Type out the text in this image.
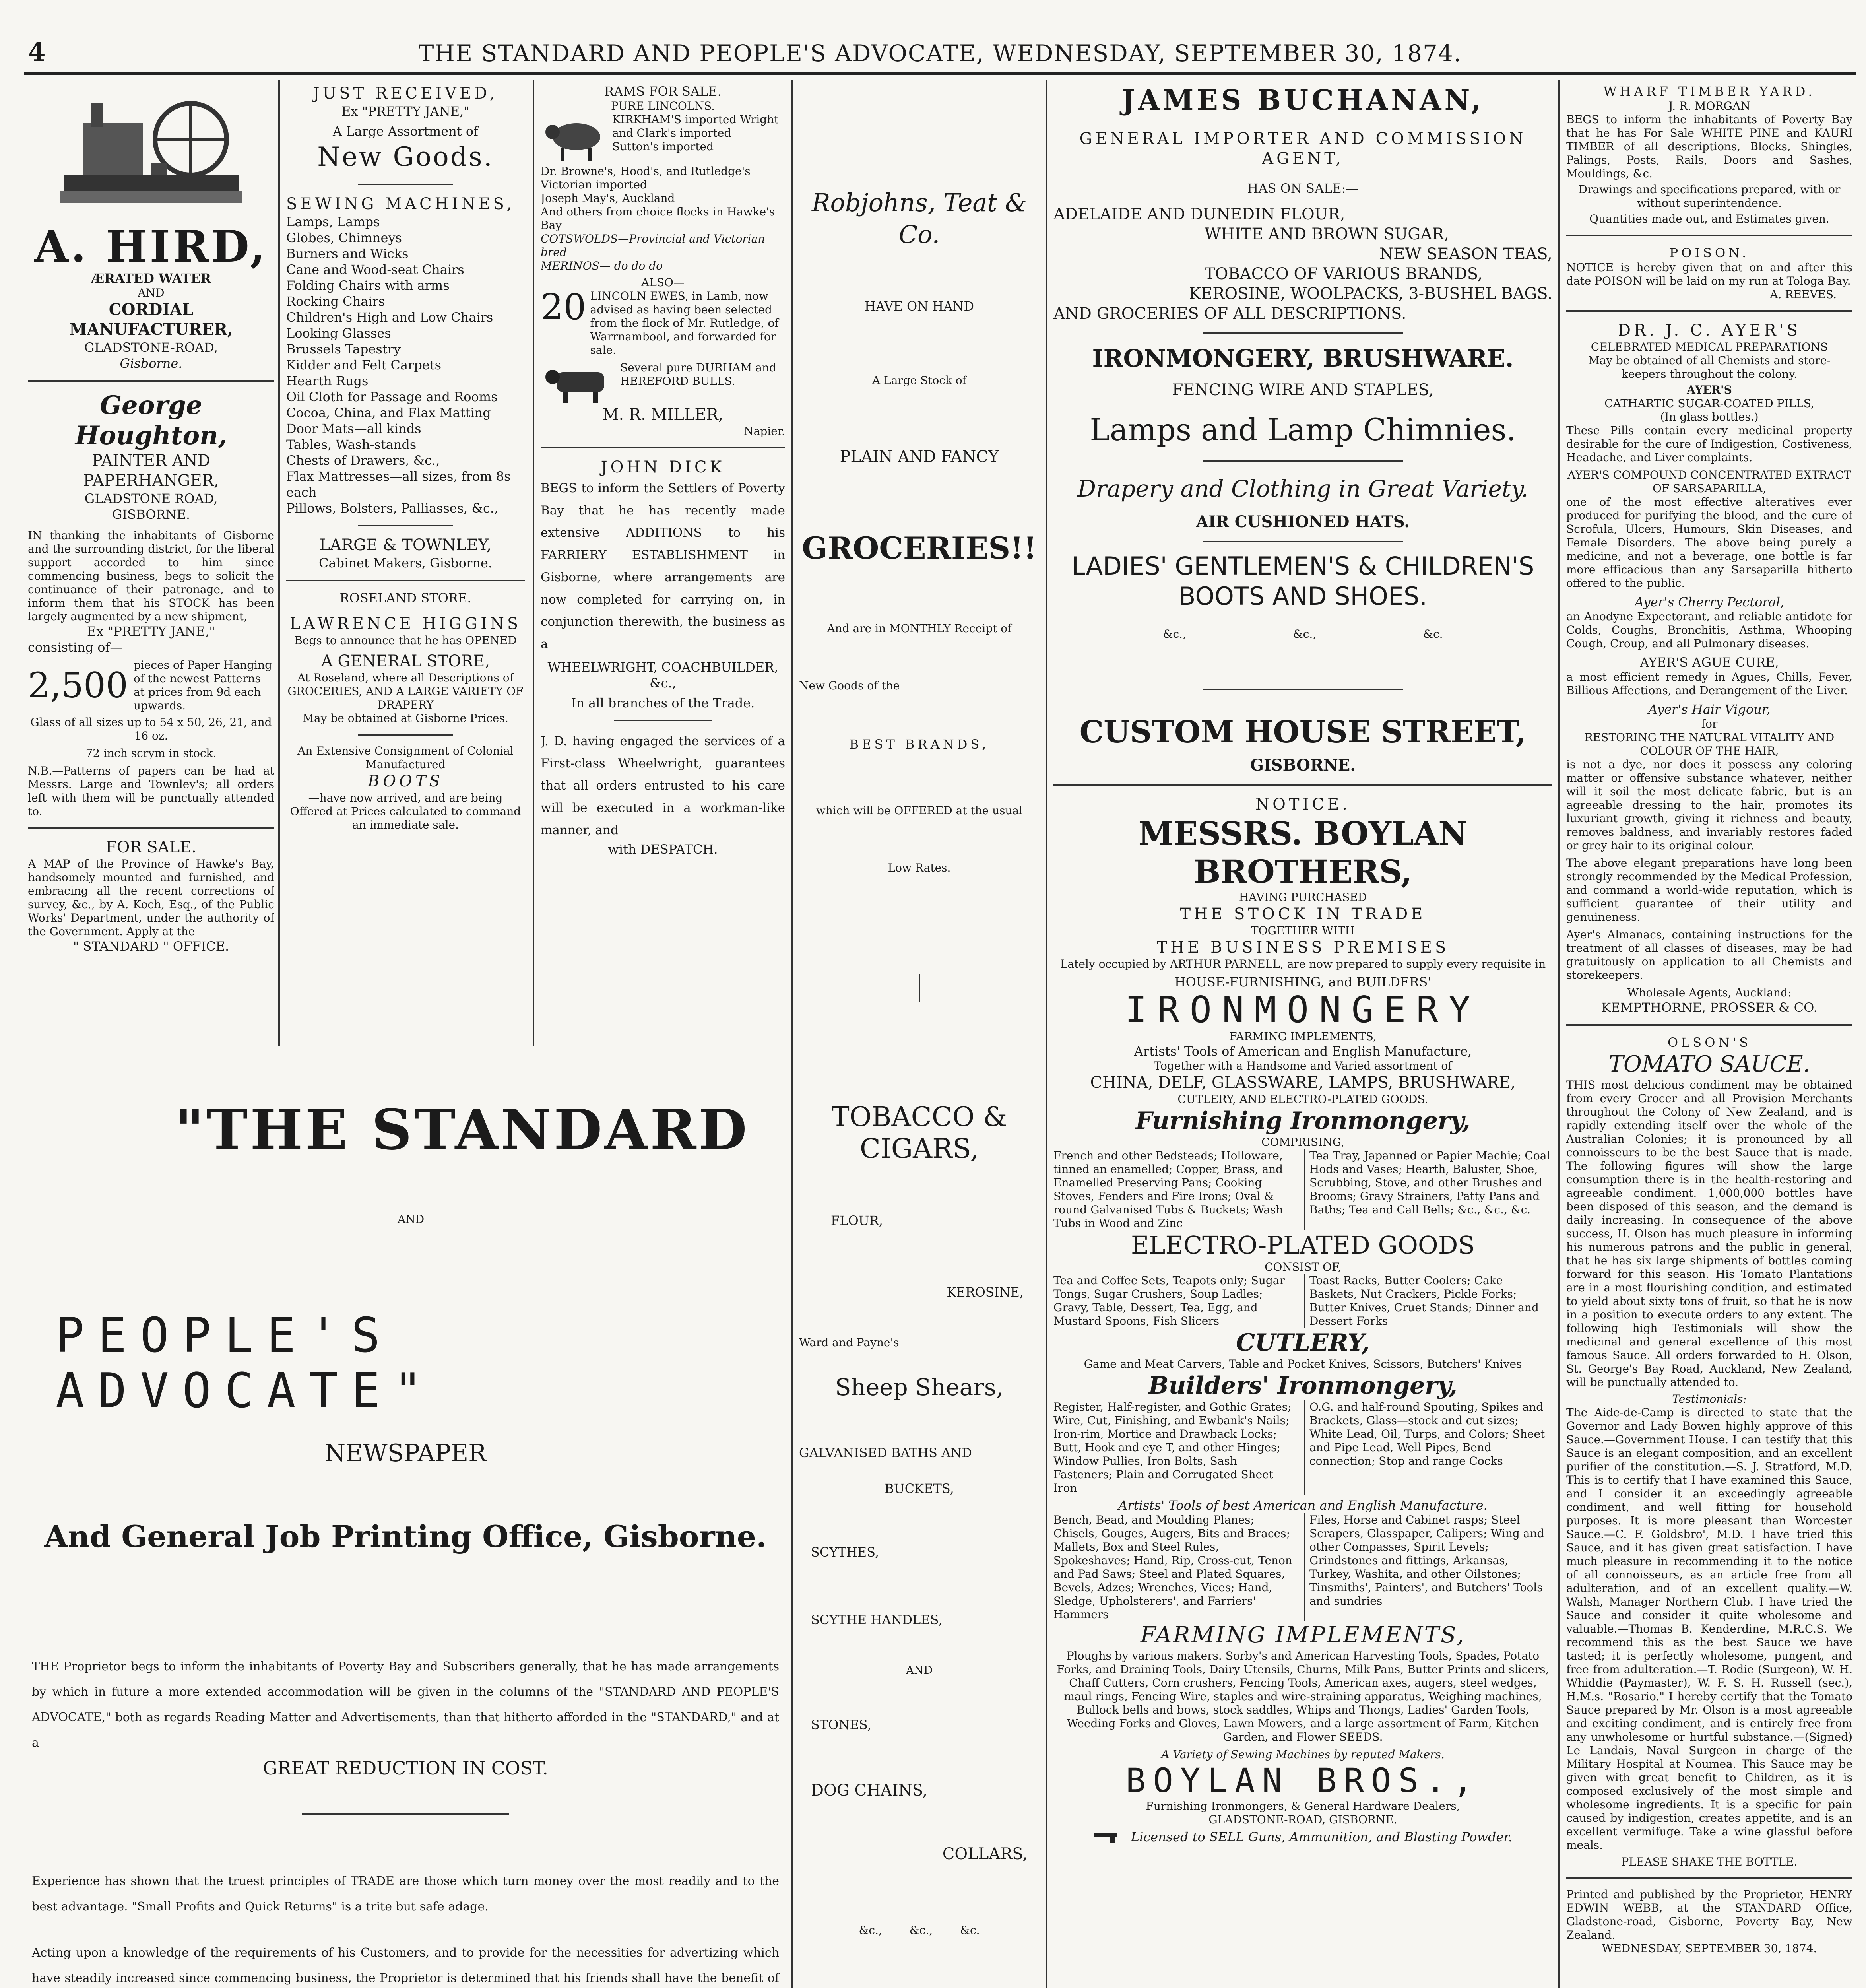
4	THE STANDARD AND PEOPLE'S ADVOCATE, WEDNESDAY, SEPTEMBER 30, 1874.
A. HIRD,
ÆRATED WATER
AND
CORDIAL MANUFACTURER,
GLADSTONE-ROAD,
Gisborne.
George Houghton,
PAINTER AND PAPERHANGER,
GLADSTONE ROAD,
GISBORNE.
IN thanking the inhabitants of Gisborne and the surrounding district, for the liberal support accorded to him since commencing business, begs to solicit the continuance of their patronage, and to inform them that his STOCK has been largely augmented by a new shipment,
Ex "PRETTY JANE,"
consisting of—
2,500 pieces of Paper Hanging of the newest Patterns at prices from 9d each upwards.
Glass of all sizes up to 54 x 50, 26, 21, and 16 oz.
72 inch scrym in stock.
N.B.—Patterns of papers can be had at Messrs. Large and Townley's; all orders left with them will be punctually attended to.
FOR SALE.
A MAP of the Province of Hawke's Bay, handsomely mounted and furnished, and embracing all the recent corrections of survey, &c., by A. Koch, Esq., of the Public Works' Department, under the authority of the Government. Apply at the
" STANDARD " OFFICE.
JUST RECEIVED,
Ex "PRETTY JANE,"
A Large Assortment of
New Goods.
SEWING MACHINES,
Lamps, Lamps
Globes, Chimneys
Burners and Wicks
Cane and Wood-seat Chairs
Folding Chairs with arms
Rocking Chairs
Children's High and Low Chairs
Looking Glasses
Brussels Tapestry
Kidder and Felt Carpets
Hearth Rugs
Oil Cloth for Passage and Rooms
Cocoa, China, and Flax Matting
Door Mats—all kinds
Tables, Wash-stands
Chests of Drawers, &c.,
Flax Mattresses—all sizes, from 8s each
Pillows, Bolsters, Palliasses, &c.,
LARGE & TOWNLEY,
Cabinet Makers, Gisborne.
ROSELAND STORE.
LAWRENCE HIGGINS
Begs to announce that he has OPENED
A GENERAL STORE,
At Roseland, where all Descriptions of GROCERIES, AND A LARGE VARIETY OF DRAPERY
May be obtained at Gisborne Prices.
An Extensive Consignment of Colonial Manufactured
BOOTS
—have now arrived, and are being Offered at Prices calculated to command an immediate sale.
RAMS FOR SALE.
PURE LINCOLNS.
KIRKHAM'S imported Wright and Clark's imported
Sutton's imported
Dr. Browne's, Hood's, and Rutledge's Victorian imported
Joseph May's, Auckland
And others from choice flocks in Hawke's Bay
COTSWOLDS—Provincial and Victorian bred
MERINOS— do do do
ALSO—
20 LINCOLN EWES, in Lamb, now advised as having been selected from the flock of Mr. Rutledge, of Warrnambool, and forwarded for sale.
Several pure DURHAM and HEREFORD BULLS.
M. R. MILLER,
Napier.
JOHN DICK
BEGS to inform the Settlers of Poverty Bay that he has recently made extensive ADDITIONS to his FARRIERY ESTABLISHMENT in Gisborne, where arrangements are now completed for carrying on, in conjunction therewith, the business as a
WHEELWRIGHT, COACHBUILDER, &c.,
In all branches of the Trade.
J. D. having engaged the services of a First-class Wheelwright, guarantees that all orders entrusted to his care will be executed in a workman-like manner, and
with DESPATCH.
"THE STANDARD
AND
PEOPLE'S ADVOCATE"
NEWSPAPER
And General Job Printing Office, Gisborne.
THE Proprietor begs to inform the inhabitants of Poverty Bay and Subscribers generally, that he has made arrangements by which in future a more extended accommodation will be given in the columns of the "STANDARD AND PEOPLE'S ADVOCATE," both as regards Reading Matter and Advertisements, than that hitherto afforded in the "STANDARD," and at a
GREAT REDUCTION IN COST.
Experience has shown that the truest principles of TRADE are those which turn money over the most readily and to the best advantage. "Small Profits and Quick Returns" is a trite but safe adage.
Acting upon a knowledge of the requirements of his Customers, and to provide for the necessities for advertizing which have steadily increased since commencing business, the Proprietor is determined that his friends shall have the benefit of
Robjohns, Teat & Co.
HAVE ON HAND
A Large Stock of
PLAIN AND FANCY
GROCERIES!!
And are in MONTHLY Receipt of
New Goods of the
BEST BRANDS,
which will be OFFERED at the usual
Low Rates.
TOBACCO & CIGARS,
FLOUR,
KEROSINE,
Ward and Payne's
Sheep Shears,
GALVANISED BATHS AND
BUCKETS,
SCYTHES,
SCYTHE HANDLES,
AND
STONES,
DOG CHAINS,
COLLARS,
&c., &c., &c.
JAMES BUCHANAN,
GENERAL IMPORTER AND COMMISSION AGENT,
HAS ON SALE:—
ADELAIDE AND DUNEDIN FLOUR,
WHITE AND BROWN SUGAR,
NEW SEASON TEAS,
TOBACCO OF VARIOUS BRANDS,
KEROSINE, WOOLPACKS, 3-BUSHEL BAGS.
AND GROCERIES OF ALL DESCRIPTIONS.
IRONMONGERY, BRUSHWARE.
FENCING WIRE AND STAPLES,
Lamps and Lamp Chimnies.
Drapery and Clothing in Great Variety.
AIR CUSHIONED HATS.
LADIES' GENTLEMEN'S & CHILDREN'S BOOTS AND SHOES.
&c., &c., &c.
CUSTOM HOUSE STREET,
GISBORNE.
NOTICE.
MESSRS. BOYLAN BROTHERS,
HAVING PURCHASED
THE STOCK IN TRADE
TOGETHER WITH
THE BUSINESS PREMISES
Lately occupied by ARTHUR PARNELL, are now prepared to supply every requisite in
HOUSE-FURNISHING, and BUILDERS'
IRONMONGERY
FARMING IMPLEMENTS,
Artists' Tools of American and English Manufacture,
Together with a Handsome and Varied assortment of
CHINA, DELF, GLASSWARE, LAMPS, BRUSHWARE,
CUTLERY, AND ELECTRO-PLATED GOODS.
Furnishing Ironmongery,
COMPRISING,
French and other Bedsteads; Holloware, tinned an enamelled; Copper, Brass, and Enamelled Preserving Pans; Cooking Stoves, Fenders and Fire Irons; Oval & round Galvanised Tubs & Buckets; Wash Tubs in Wood and Zinc
Tea Tray, Japanned or Papier Machie; Coal Hods and Vases; Hearth, Baluster, Shoe, Scrubbing, Stove, and other Brushes and Brooms; Gravy Strainers, Patty Pans and Baths; Tea and Call Bells; &c., &c., &c.
ELECTRO-PLATED GOODS
CONSIST OF,
Tea and Coffee Sets, Teapots only; Sugar Tongs, Sugar Crushers, Soup Ladles; Gravy, Table, Dessert, Tea, Egg, and Mustard Spoons, Fish Slicers
Toast Racks, Butter Coolers; Cake Baskets, Nut Crackers, Pickle Forks; Butter Knives, Cruet Stands; Dinner and Dessert Forks
CUTLERY,
Game and Meat Carvers, Table and Pocket Knives, Scissors, Butchers' Knives
Builders' Ironmongery,
Register, Half-register, and Gothic Grates; Wire, Cut, Finishing, and Ewbank's Nails; Iron-rim, Mortice and Drawback Locks; Butt, Hook and eye T, and other Hinges; Window Pullies, Iron Bolts, Sash Fasteners; Plain and Corrugated Sheet Iron
O.G. and half-round Spouting, Spikes and Brackets, Glass—stock and cut sizes; White Lead, Oil, Turps, and Colors; Sheet and Pipe Lead, Well Pipes, Bend connection; Stop and range Cocks
Artists' Tools of best American and English Manufacture.
Bench, Bead, and Moulding Planes; Chisels, Gouges, Augers, Bits and Braces; Mallets, Box and Steel Rules, Spokeshaves; Hand, Rip, Cross-cut, Tenon and Pad Saws; Steel and Plated Squares, Bevels, Adzes; Wrenches, Vices; Hand, Sledge, Upholsterers', and Farriers' Hammers
Files, Horse and Cabinet rasps; Steel Scrapers, Glasspaper, Calipers; Wing and other Compasses, Spirit Levels; Grindstones and fittings, Arkansas, Turkey, Washita, and other Oilstones; Tinsmiths', Painters', and Butchers' Tools and sundries
FARMING IMPLEMENTS,
Ploughs by various makers. Sorby's and American Harvesting Tools, Spades, Potato Forks, and Draining Tools, Dairy Utensils, Churns, Milk Pans, Butter Prints and slicers, Chaff Cutters, Corn crushers, Fencing Tools, American axes, augers, steel wedges, maul rings, Fencing Wire, staples and wire-straining apparatus, Weighing machines, Bullock bells and bows, stock saddles, Whips and Thongs, Ladies' Garden Tools, Weeding Forks and Gloves, Lawn Mowers, and a large assortment of Farm, Kitchen Garden, and Flower SEEDS.
A Variety of Sewing Machines by reputed Makers.
BOYLAN BROS.,
Furnishing Ironmongers, & General Hardware Dealers,
GLADSTONE-ROAD, GISBORNE.
Licensed to SELL Guns, Ammunition, and Blasting Powder.
WHARF TIMBER YARD.
J. R. MORGAN
BEGS to inform the inhabitants of Poverty Bay that he has For Sale WHITE PINE and KAURI TIMBER of all descriptions, Blocks, Shingles, Palings, Posts, Rails, Doors and Sashes, Mouldings, &c.
Drawings and specifications prepared, with or without superintendence.
Quantities made out, and Estimates given.
POISON.
NOTICE is hereby given that on and after this date POISON will be laid on my run at Tologa Bay.
A. REEVES.
DR. J. C. AYER'S
CELEBRATED MEDICAL PREPARATIONS
May be obtained of all Chemists and store-keepers throughout the colony.
AYER'S
CATHARTIC SUGAR-COATED PILLS,
(In glass bottles.)
These Pills contain every medicinal property desirable for the cure of Indigestion, Costiveness, Headache, and Liver complaints.
AYER'S COMPOUND CONCENTRATED EXTRACT OF SARSAPARILLA,
one of the most effective alteratives ever produced for purifying the blood, and the cure of Scrofula, Ulcers, Humours, Skin Diseases, and Female Disorders. The above being purely a medicine, and not a beverage, one bottle is far more efficacious than any Sarsaparilla hitherto offered to the public.
Ayer's Cherry Pectoral,
an Anodyne Expectorant, and reliable antidote for Colds, Coughs, Bronchitis, Asthma, Whooping Cough, Croup, and all Pulmonary diseases.
AYER'S AGUE CURE,
a most efficient remedy in Agues, Chills, Fever, Billious Affections, and Derangement of the Liver.
Ayer's Hair Vigour,
for
RESTORING THE NATURAL VITALITY AND COLOUR OF THE HAIR,
is not a dye, nor does it possess any coloring matter or offensive substance whatever, neither will it soil the most delicate fabric, but is an agreeable dressing to the hair, promotes its luxuriant growth, giving it richness and beauty, removes baldness, and invariably restores faded or grey hair to its original colour.
The above elegant preparations have long been strongly recommended by the Medical Profession, and command a world-wide reputation, which is sufficient guarantee of their utility and genuineness.
Ayer's Almanacs, containing instructions for the treatment of all classes of diseases, may be had gratuitously on application to all Chemists and storekeepers.
Wholesale Agents, Auckland:
KEMPTHORNE, PROSSER & CO.
OLSON'S
TOMATO SAUCE.
THIS most delicious condiment may be obtained from every Grocer and all Provision Merchants throughout the Colony of New Zealand, and is rapidly extending itself over the whole of the Australian Colonies; it is pronounced by all connoisseurs to be the best Sauce that is made. The following figures will show the large consumption there is in the health-restoring and agreeable condiment. 1,000,000 bottles have been disposed of this season, and the demand is daily increasing. In consequence of the above success, H. Olson has much pleasure in informing his numerous patrons and the public in general, that he has six large shipments of bottles coming forward for this season. His Tomato Plantations are in a most flourishing condition, and estimated to yield about sixty tons of fruit, so that he is now in a position to execute orders to any extent. The following high Testimonials will show the medicinal and general excellence of this most famous Sauce. All orders forwarded to H. Olson, St. George's Bay Road, Auckland, New Zealand, will be punctually attended to.
Testimonials:
The Aide-de-Camp is directed to state that the Governor and Lady Bowen highly approve of this Sauce.—Government House. I can testify that this Sauce is an elegant composition, and an excellent purifier of the constitution.—S. J. Stratford, M.D. This is to certify that I have examined this Sauce, and I consider it an exceedingly agreeable condiment, and well fitting for household purposes. It is more pleasant than Worcester Sauce.—C. F. Goldsbro', M.D. I have tried this Sauce, and it has given great satisfaction. I have much pleasure in recommending it to the notice of all connoisseurs, as an article free from all adulteration, and of an excellent quality.—W. Walsh, Manager Northern Club. I have tried the Sauce and consider it quite wholesome and valuable.—Thomas B. Kenderdine, M.R.C.S. We recommend this as the best Sauce we have tasted; it is perfectly wholesome, pungent, and free from adulteration.—T. Rodie (Surgeon), W. H. Whiddie (Paymaster), W. F. S. H. Russell (sec.), H.M.s. "Rosario." I hereby certify that the Tomato Sauce prepared by Mr. Olson is a most agreeable and exciting condiment, and is entirely free from any unwholesome or hurtful substance.—(Signed) Le Landais, Naval Surgeon in charge of the Military Hospital at Noumea. This Sauce may be given with great benefit to Children, as it is composed exclusively of the most simple and wholesome ingredients. It is a specific for pain caused by indigestion, creates appetite, and is an excellent vermifuge. Take a wine glassful before meals.
PLEASE SHAKE THE BOTTLE.
Printed and published by the Proprietor, HENRY EDWIN WEBB, at the STANDARD Office, Gladstone-road, Gisborne, Poverty Bay, New Zealand.
WEDNESDAY, SEPTEMBER 30, 1874.
